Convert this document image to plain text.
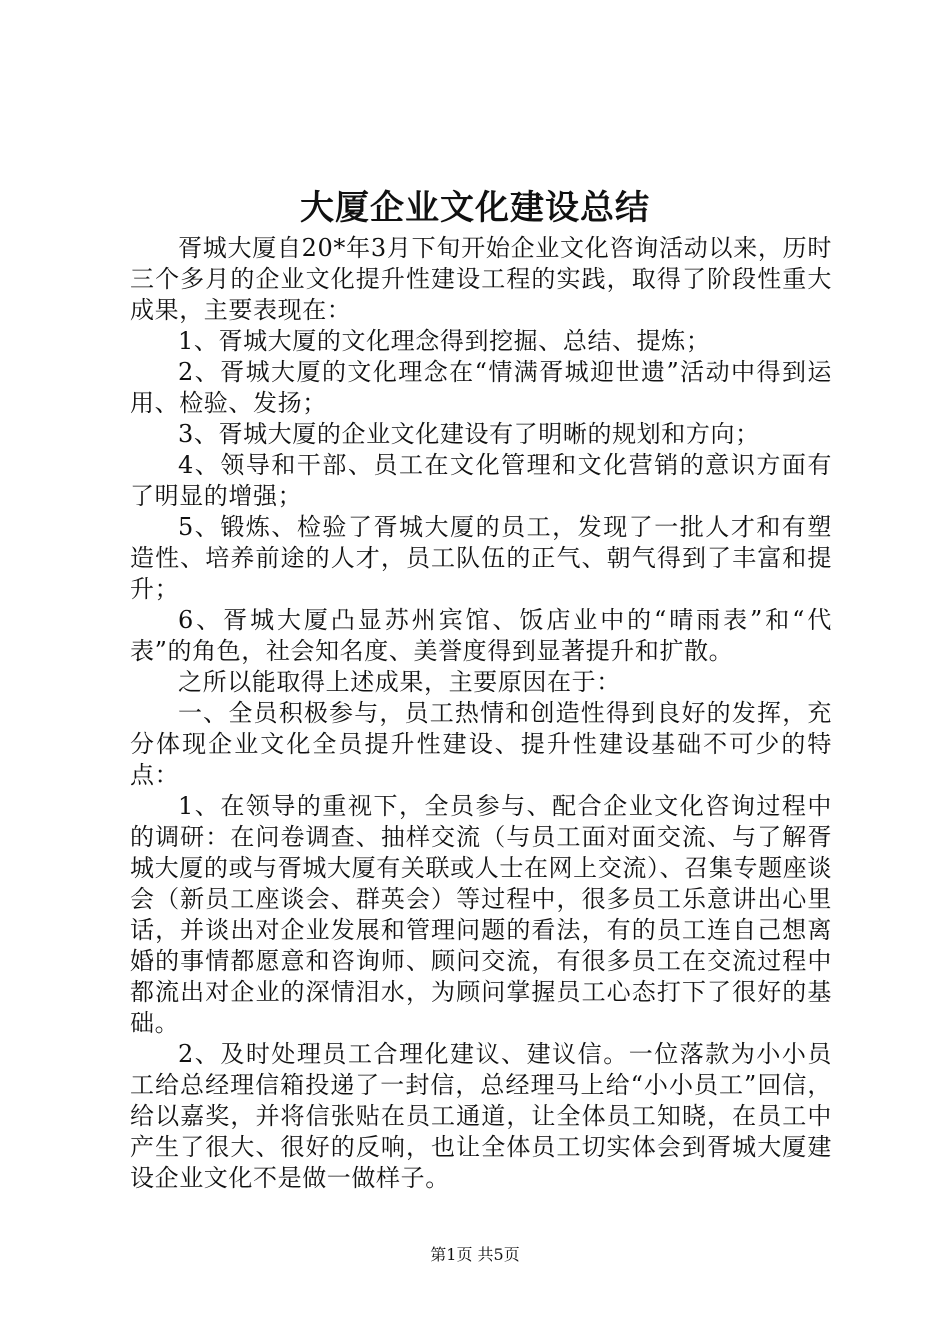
大厦企业文化建设总结

胥城大厦自20*年3月下旬开始企业文化咨询活动以来，历时三个多月的企业文化提升性建设工程的实践，取得了阶段性重大成果，主要表现在：

1、胥城大厦的文化理念得到挖掘、总结、提炼；

2、胥城大厦的文化理念在“情满胥城迎世遗”活动中得到运用、检验、发扬；

3、胥城大厦的企业文化建设有了明晰的规划和方向；

4、领导和干部、员工在文化管理和文化营销的意识方面有了明显的增强；

5、锻炼、检验了胥城大厦的员工，发现了一批人才和有塑造性、培养前途的人才，员工队伍的正气、朝气得到了丰富和提升；

6、胥城大厦凸显苏州宾馆、饭店业中的“晴雨表”和“代表”的角色，社会知名度、美誉度得到显著提升和扩散。

之所以能取得上述成果，主要原因在于：

一、全员积极参与，员工热情和创造性得到良好的发挥，充分体现企业文化全员提升性建设、提升性建设基础不可少的特点：

1、在领导的重视下，全员参与、配合企业文化咨询过程中的调研：在问卷调查、抽样交流（与员工面对面交流、与了解胥城大厦的或与胥城大厦有关联或人士在网上交流）、召集专题座谈会（新员工座谈会、群英会）等过程中，很多员工乐意讲出心里话，并谈出对企业发展和管理问题的看法，有的员工连自己想离婚的事情都愿意和咨询师、顾问交流，有很多员工在交流过程中都流出对企业的深情泪水，为顾问掌握员工心态打下了很好的基础。

2、及时处理员工合理化建议、建议信。一位落款为小小员工给总经理信箱投递了一封信，总经理马上给“小小员工”回信，给以嘉奖，并将信张贴在员工通道，让全体员工知晓，在员工中产生了很大、很好的反响，也让全体员工切实体会到胥城大厦建设企业文化不是做一做样子。

第1页 共5页
